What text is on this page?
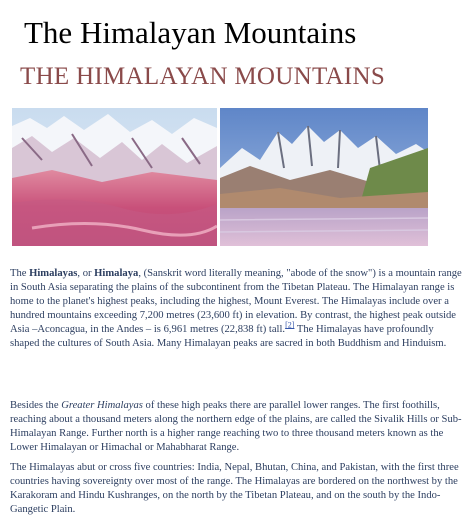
The Himalayan Mountains
THE HIMALAYAN MOUNTAINS

The Himalayas, or Himalaya, (Sanskrit word literally meaning, "abode of the snow") is a mountain range in South Asia separating the plains of the subcontinent from the Tibetan Plateau. The Himalayan range is home to the planet's highest peaks, including the highest, Mount Everest. The Himalayas include over a hundred mountains exceeding 7,200 metres (23,600 ft) in elevation. By contrast, the highest peak outside Asia –Aconcagua, in the Andes – is 6,961 metres (22,838 ft) tall.[2] The Himalayas have profoundly shaped the cultures of South Asia. Many Himalayan peaks are sacred in both Buddhism and Hinduism.

Besides the Greater Himalayas of these high peaks there are parallel lower ranges. The first foothills, reaching about a thousand meters along the northern edge of the plains, are called the Sivalik Hills or Sub-Himalayan Range. Further north is a higher range reaching two to three thousand meters known as the Lower Himalayan or Himachal or Mahabharat Range.

The Himalayas abut or cross five countries: India, Nepal, Bhutan, China, and Pakistan, with the first three countries having sovereignty over most of the range. The Himalayas are bordered on the northwest by the Karakoram and Hindu Kushranges, on the north by the Tibetan Plateau, and on the south by the Indo-Gangetic Plain.
